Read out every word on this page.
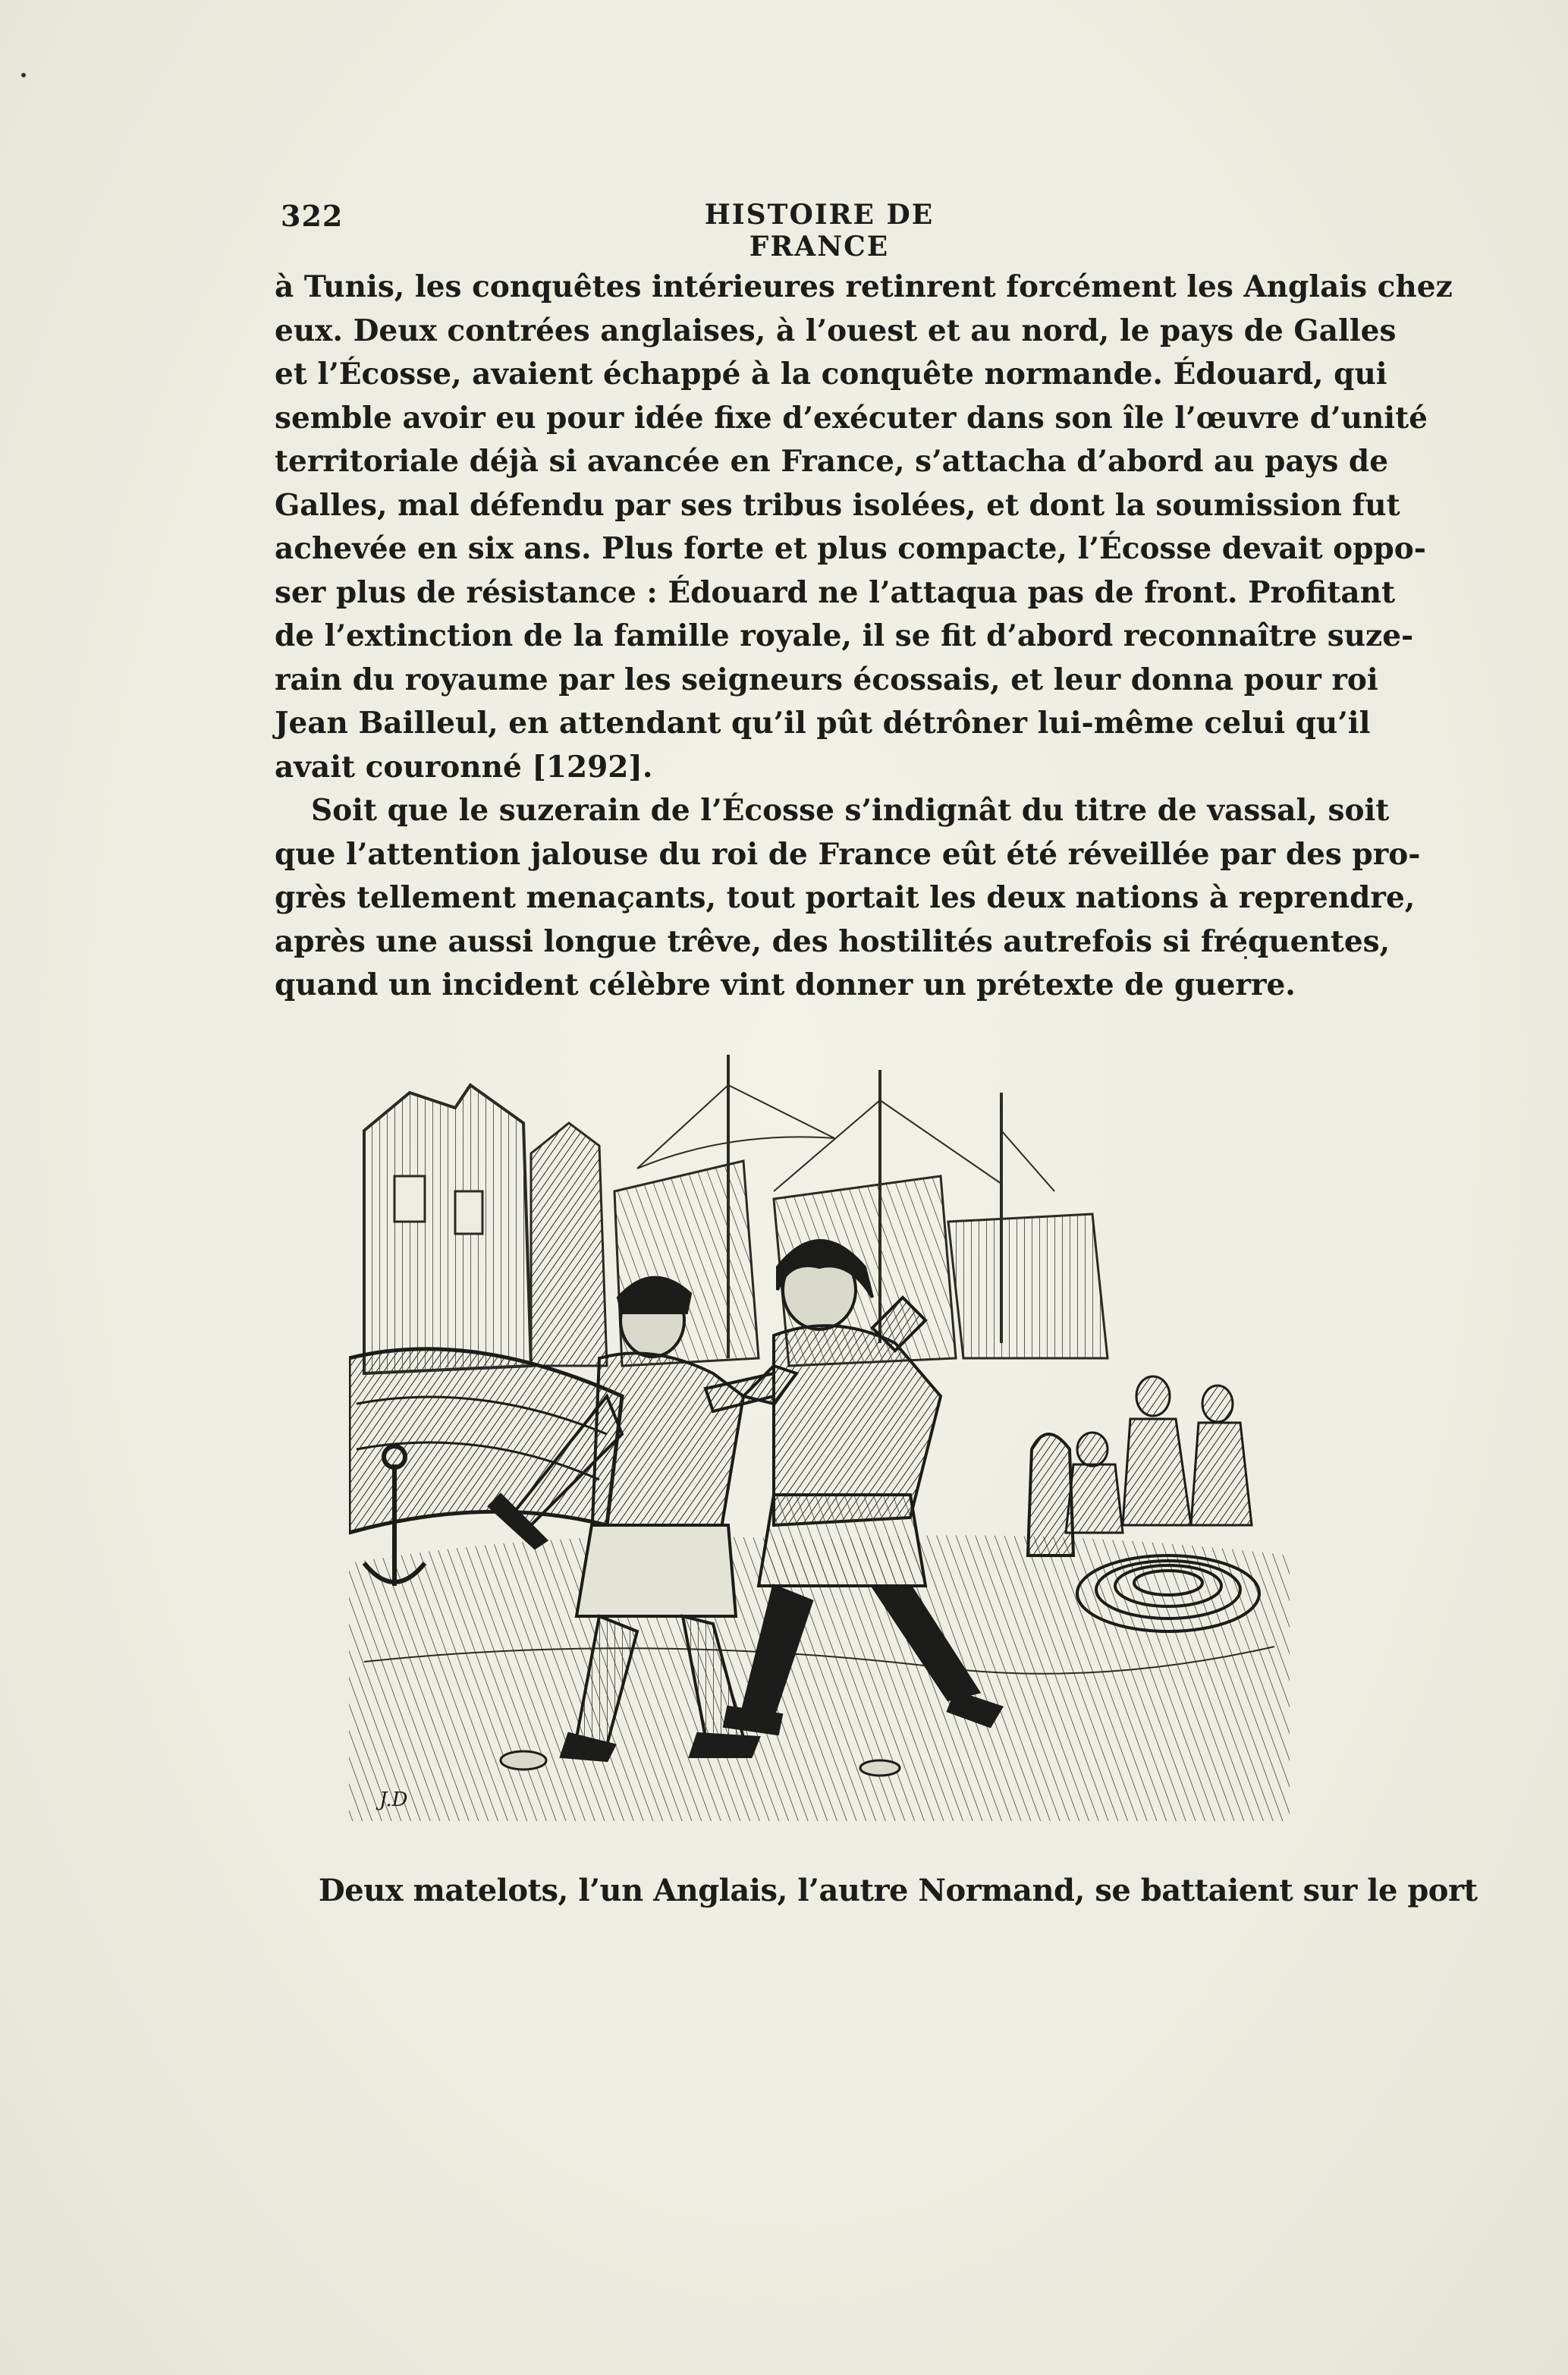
322	HISTOIRE DE FRANCE
à Tunis, les conquêtes intérieures retinrent forcément les Anglais chez
eux. Deux contrées anglaises, à l’ouest et au nord, le pays de Galles
et l’Écosse, avaient échappé à la conquête normande. Édouard, qui
semble avoir eu pour idée fixe d’exécuter dans son île l’œuvre d’unité
territoriale déjà si avancée en France, s’attacha d’abord au pays de
Galles, mal défendu par ses tribus isolées, et dont la soumission fut
achevée en six ans. Plus forte et plus compacte, l’Écosse devait oppo-
ser plus de résistance : Édouard ne l’attaqua pas de front. Profitant
de l’extinction de la famille royale, il se fit d’abord reconnaître suze-
rain du royaume par les seigneurs écossais, et leur donna pour roi
Jean Bailleul, en attendant qu’il pût détrôner lui-même celui qu’il
avait couronné [1292].
Soit que le suzerain de l’Écosse s’indignât du titre de vassal, soit
que l’attention jalouse du roi de France eût été réveillée par des pro-
grès tellement menaçants, tout portait les deux nations à reprendre,
après une aussi longue trêve, des hostilités autrefois si fréquentes,
quand un incident célèbre vint donner un prétexte de guerre.
J.D
Deux matelots, l’un Anglais, l’autre Normand, se battaient sur le port
